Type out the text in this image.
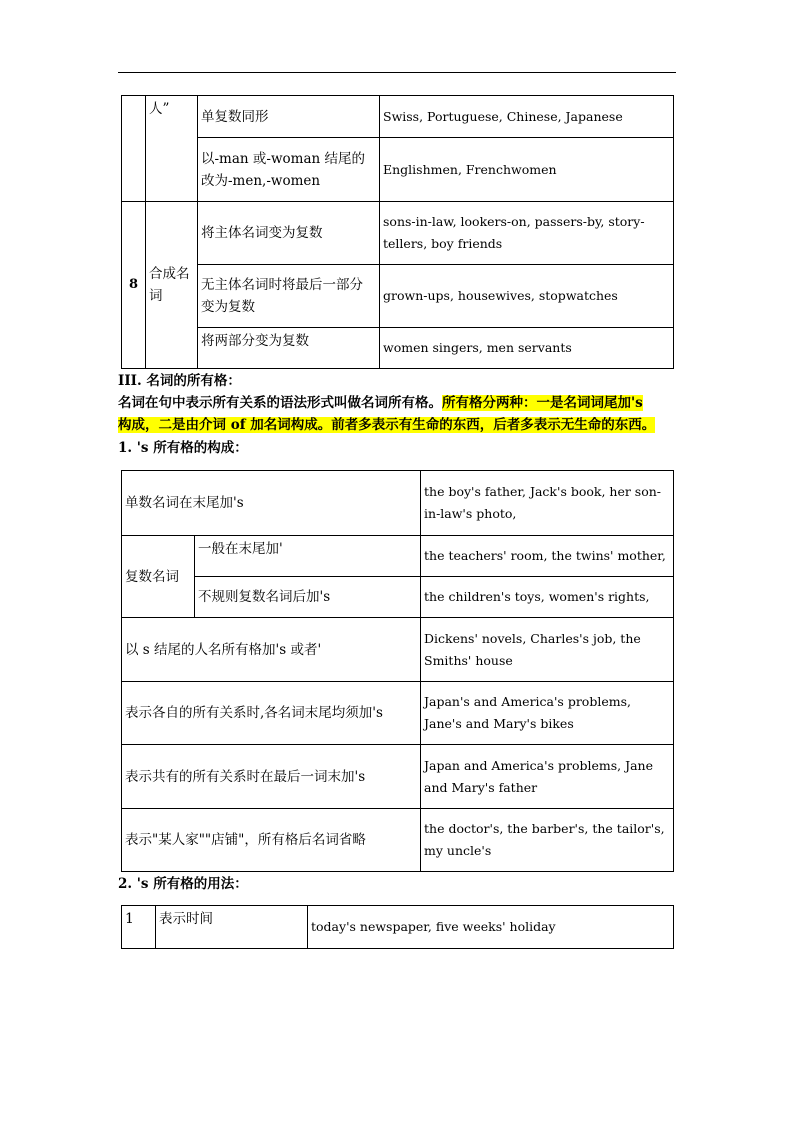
	人”	单复数同形	Swiss, Portuguese, Chinese, Japanese
		以-man 或-woman 结尾的改为-men,-women	Englishmen, Frenchwomen
8	合成名词	将主体名词变为复数	sons-in-law, lookers-on, passers-by, story-tellers, boy friends
		无主体名词时将最后一部分变为复数	grown-ups, housewives, stopwatches
		将两部分变为复数	women singers, men servants
III. 名词的所有格：
名词在句中表示所有关系的语法形式叫做名词所有格。所有格分两种：一是名词词尾加's
构成，二是由介词 of 加名词构成。前者多表示有生命的东西，后者多表示无生命的东西。
1. 's 所有格的构成：
单数名词在末尾加's		the boy's father, Jack's book, her son-in-law's photo,
复数名词	一般在末尾加'	the teachers' room, the twins' mother,
	不规则复数名词后加's	the children's toys, women's rights,
以 s 结尾的人名所有格加's 或者'		Dickens' novels, Charles's job, the Smiths' house
表示各自的所有关系时,各名词末尾均须加's		Japan's and America's problems, Jane's and Mary's bikes
表示共有的所有关系时在最后一词末加's		Japan and America's problems, Jane and Mary's father
表示"某人家""店铺"，所有格后名词省略		the doctor's, the barber's, the tailor's, my uncle's
2. 's 所有格的用法：
1	表示时间	today's newspaper, five weeks' holiday
